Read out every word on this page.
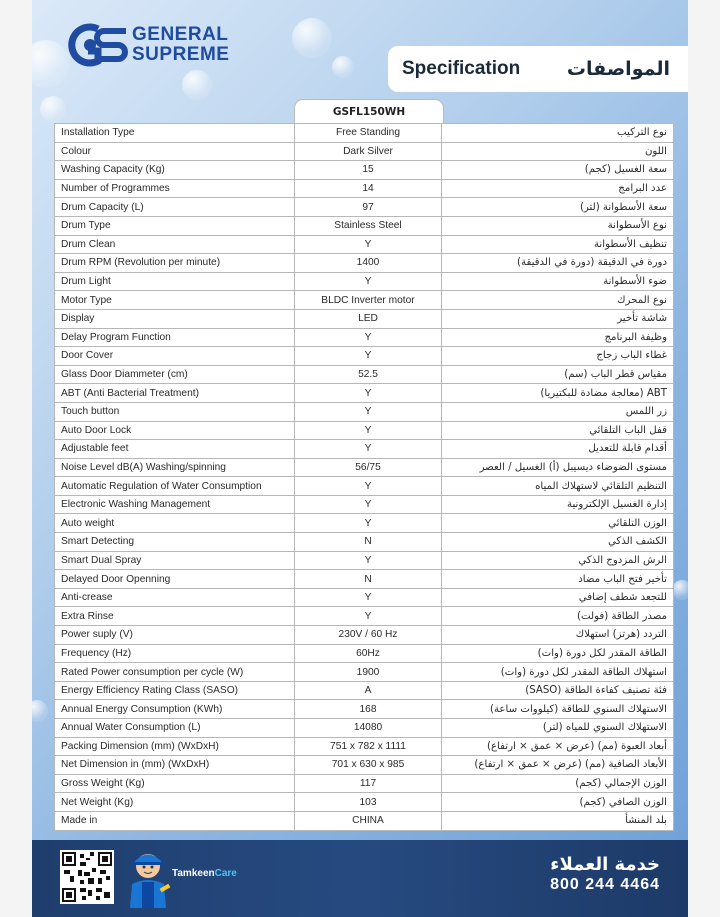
GENERAL
SUPREME
Specification المواصفات
GSFL150WH
Installation Type	Free Standing	نوع التركيب
Colour	Dark Silver	اللون
Washing Capacity (Kg)	15	سعة الغسيل (كجم)
Number of Programmes	14	عدد البرامج
Drum Capacity (L)	97	سعة الأسطوانة (لتر)
Drum Type	Stainless Steel	نوع الأسطوانة
Drum Clean	Y	تنظيف الأسطوانة
Drum RPM (Revolution per minute)	1400	دورة في الدقيقة (دورة في الدقيقة)
Drum Light	Y	ضوء الأسطوانة
Motor Type	BLDC Inverter motor	نوع المحرك
Display	LED	شاشة تأخير
Delay Program Function	Y	وظيفة البرنامج
Door Cover	Y	غطاء الباب زجاج
Glass Door Diammeter (cm)	52.5	مقياس قطر الباب (سم)
ABT (Anti Bacterial Treatment)	Y	ABT (معالجة مضادة للبكتيريا)
Touch button	Y	زر اللمس
Auto Door Lock	Y	قفل الباب التلقائي
Adjustable feet	Y	أقدام قابلة للتعديل
Noise Level dB(A) Washing/spinning	56/75	مستوى الضوضاء ديسيبل (أ) الغسيل / العصر
Automatic Regulation of Water Consumption	Y	التنظيم التلقائي لاستهلاك المياه
Electronic Washing Management	Y	إدارة الغسيل الإلكترونية
Auto weight	Y	الوزن التلقائي
Smart Detecting	N	الكشف الذكي
Smart Dual Spray	Y	الرش المزدوج الذكي
Delayed Door Openning	N	تأخير فتح الباب مضاد
Anti-crease	Y	للتجعد شطف إضافي
Extra Rinse	Y	مصدر الطاقة (فولت)
Power suply (V)	230V / 60 Hz	التردد (هرتز) استهلاك
Frequency (Hz)	60Hz	الطاقة المقدر لكل دورة (وات)
Rated Power consumption per cycle (W)	1900	استهلاك الطاقة المقدر لكل دورة (وات)
Energy Efficiency Rating Class (SASO)	A	فئة تصنيف كفاءة الطاقة (SASO)
Annual Energy Consumption (KWh)	168	الاستهلاك السنوي للطاقة (كيلووات ساعة)
Annual Water Consumption (L)	14080	الاستهلاك السنوي للمياه (لتر)
Packing Dimension (mm) (WxDxH)	751 x 782 x 1111	أبعاد العبوة (مم) (عرض × عمق × ارتفاع)
Net Dimension in (mm) (WxDxH)	701 x 630 x 985	الأبعاد الصافية (مم) (عرض × عمق × ارتفاع)
Gross Weight (Kg)	117	الوزن الإجمالي (كجم)
Net Weight (Kg)	103	الوزن الصافي (كجم)
Made in	CHINA	بلد المنشأ
TamkeenCare	خدمة العملاء
800 244 4464
